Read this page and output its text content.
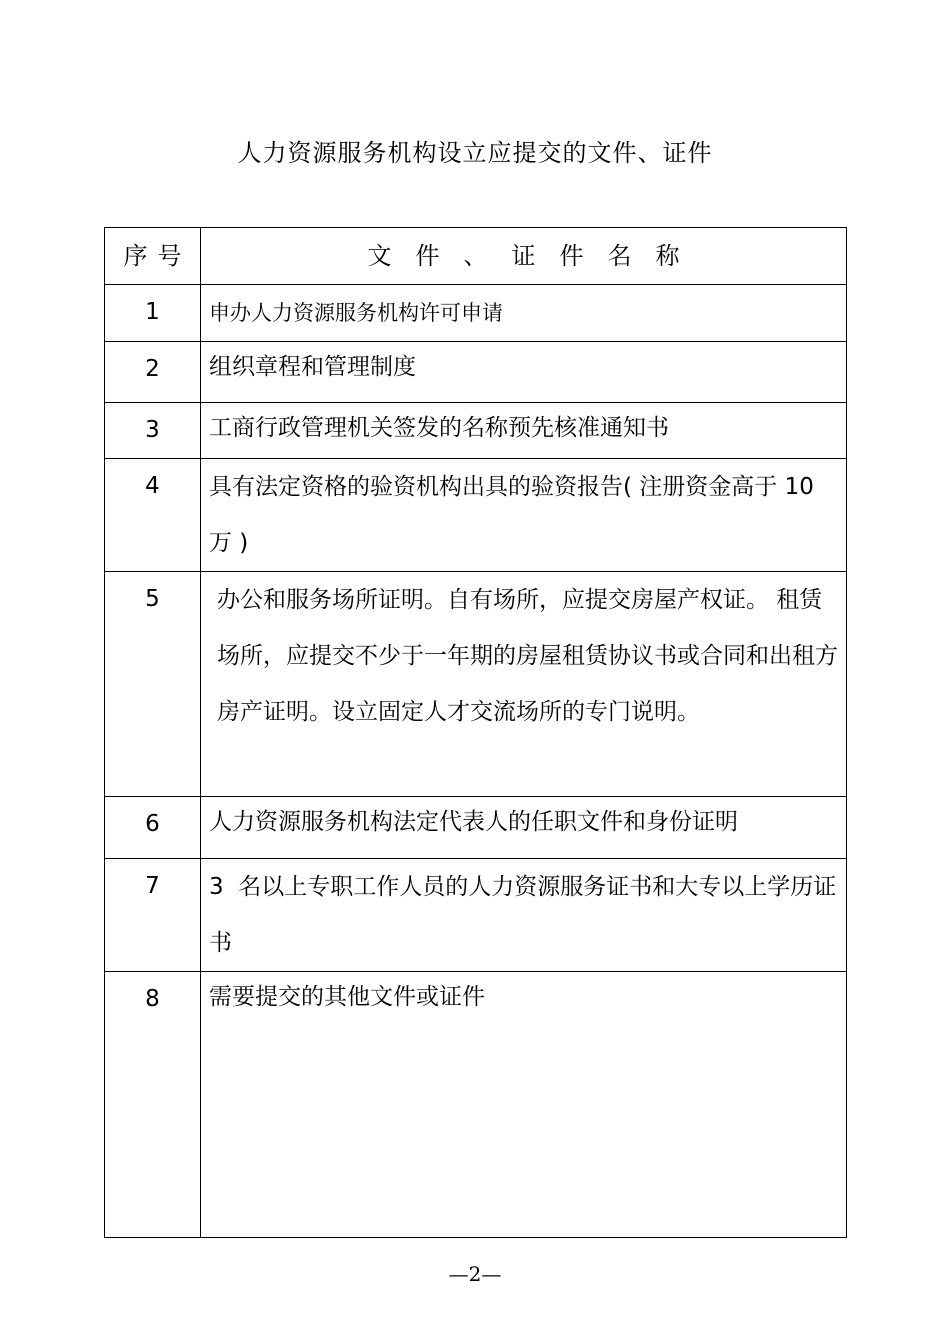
人力资源服务机构设立应提交的文件、证件
序号	文件、证件名称
1	申办人力资源服务机构许可申请
2	组织章程和管理制度
3	工商行政管理机关签发的名称预先核准通知书
4	具有法定资格的验资机构出具的验资报告( 注册资金高于 10 万 )
5	办公和服务场所证明。自有场所，应提交房屋产权证。 租赁场所，应提交不少于一年期的房屋租赁协议书或合同和出租方房产证明。设立固定人才交流场所的专门说明。
6	人力资源服务机构法定代表人的任职文件和身份证明
7	3  名以上专职工作人员的人力资源服务证书和大专以上学历证书
8	需要提交的其他文件或证件
—2—
